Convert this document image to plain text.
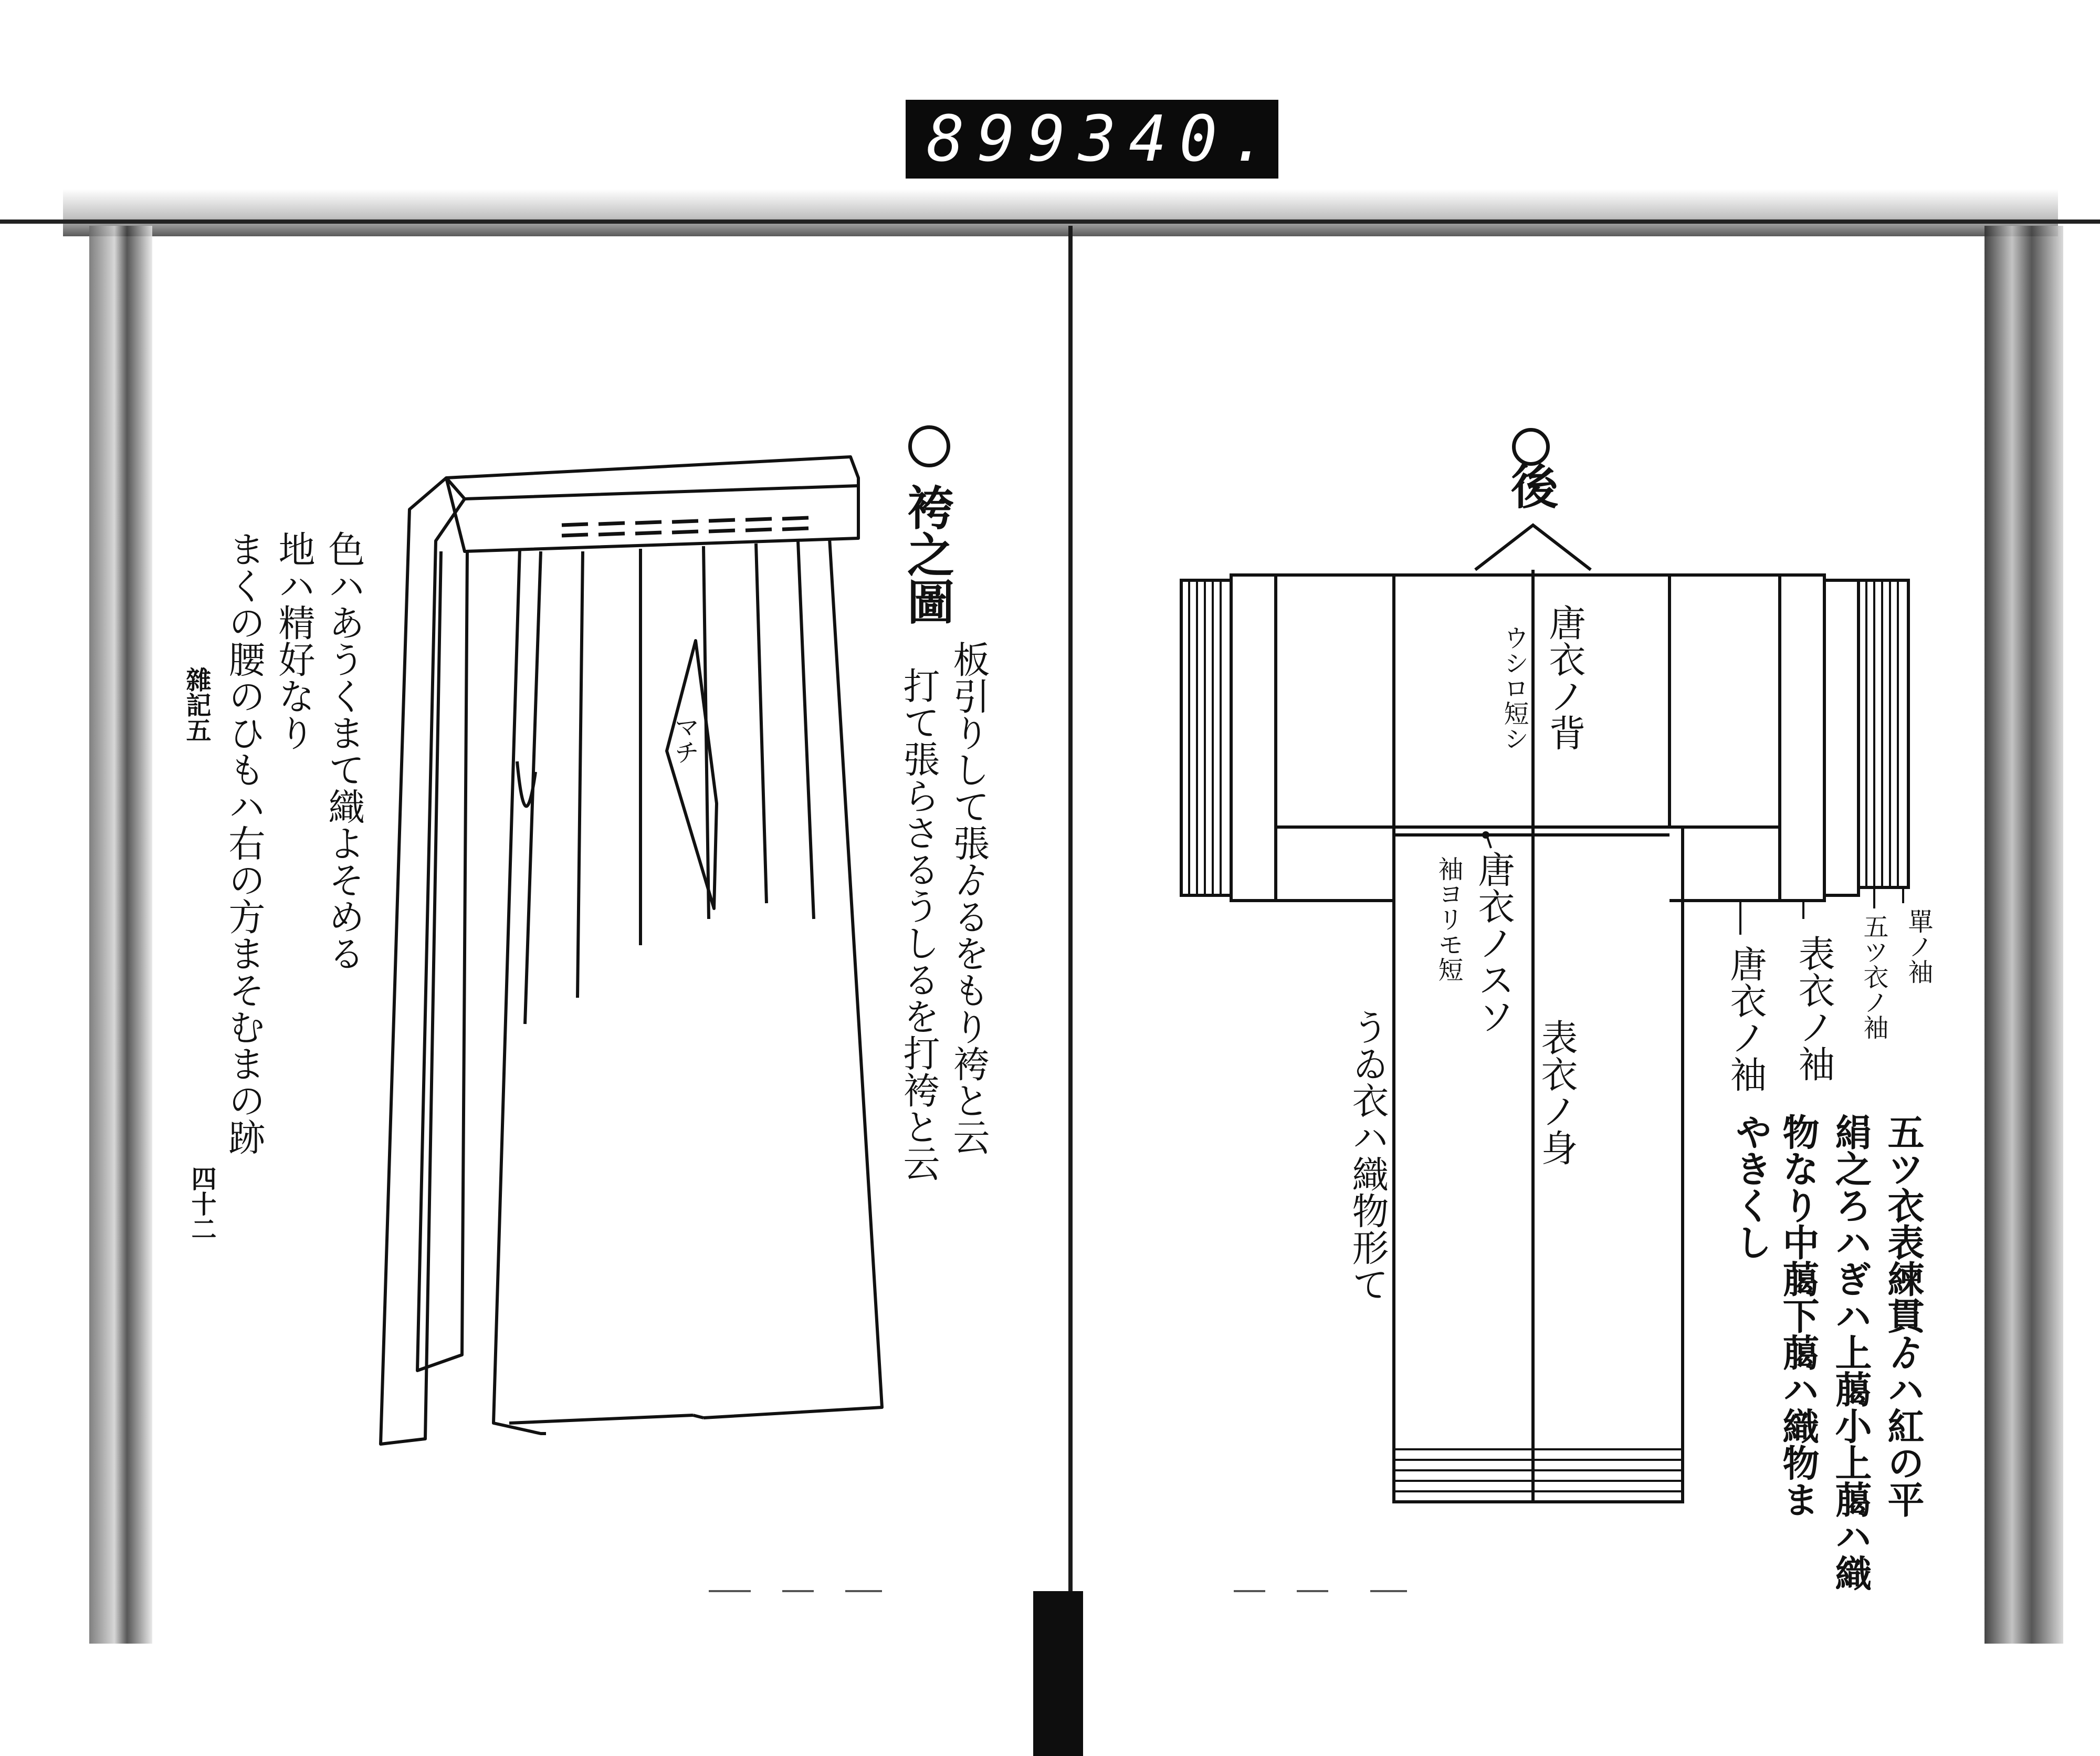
899 340.
マチ
袴之圖
板引りして張ゟるをもり袴と云
打て張らさるうしるを打袴と云
色ハあうくまて織よそめる
地ハ精好なり
まくの腰のひもハ右の方まそむまの跡
雜記五
四十二
後
唐衣ノ背
ウシロ短シ
唐衣ノスソ
袖ヨリモ短
表衣ノ身	唐衣ノ袖 表衣ノ袖 五ツ衣ノ袖 單ノ袖
うゐ衣ハ織物形て	五ツ衣表練貫ゟハ紅の平
絹之ろハぎハ上﨟小上﨟ハ織
物なり中﨟下﨟ハ織物ま
やきくし
